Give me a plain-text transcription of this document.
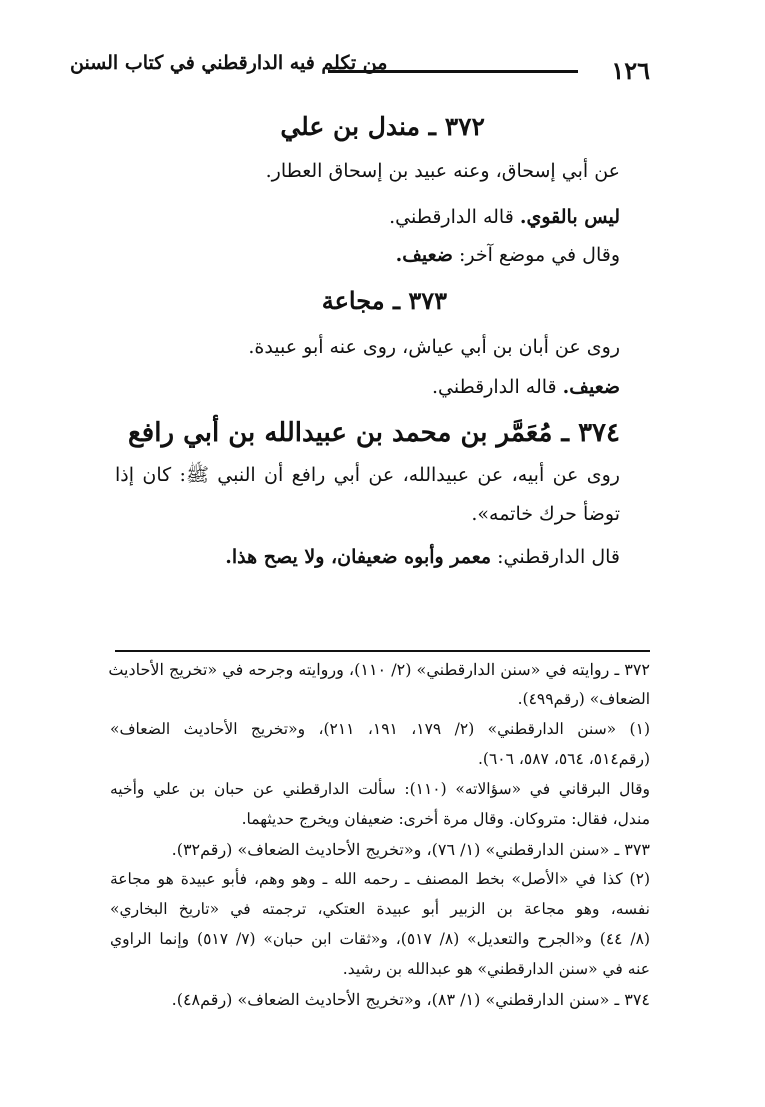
١٢٦
من تكلم فيه الدارقطني في كتاب السنن
٣٧٢ ـ مندل بن علي
عن أبي إسحاق، وعنه عبيد بن إسحاق العطار.
ليس بالقوي. قاله الدارقطني.
وقال في موضع آخر: ضعيف.
٣٧٣ ـ مجاعة
روى عن أبان بن أبي عياش، روى عنه أبو عبيدة.
ضعيف. قاله الدارقطني.
٣٧٤ ـ مُعَمَّر بن محمد بن عبيدالله بن أبي رافع
روى عن أبيه، عن عبيدالله، عن أبي رافع أن النبي ﷺ: كان إذا
توضأ حرك خاتمه».
قال الدارقطني: معمر وأبوه ضعيفان، ولا يصح هذا.
٣٧٢ ـ روايته في «سنن الدارقطني» (٢/ ١١٠)، وروايته وجرحه في «تخريج الأحاديث
الضعاف» (رقم٤٩٩).
(١) «سنن الدارقطني» (٢/ ١٧٩، ١٩١، ٢١١)، و«تخريج الأحاديث الضعاف»
(رقم٥١٤، ٥٦٤، ٥٨٧، ٦٠٦).
وقال البرقاني في «سؤالاته» (١١٠): سألت الدارقطني عن حبان بن علي وأخيه
مندل، فقال: متروكان. وقال مرة أخرى: ضعيفان ويخرج حديثهما.
٣٧٣ ـ «سنن الدارقطني» (١/ ٧٦)، و«تخريج الأحاديث الضعاف» (رقم٣٢).
(٢) كذا في «الأصل» بخط المصنف ـ رحمه الله ـ وهو وهم، فأبو عبيدة هو مجاعة
نفسه، وهو مجاعة بن الزبير أبو عبيدة العتكي، ترجمته في «تاريخ البخاري»
(٨/ ٤٤) و«الجرح والتعديل» (٨/ ٥١٧)، و«ثقات ابن حبان» (٧/ ٥١٧) وإنما الراوي
عنه في «سنن الدارقطني» هو عبدالله بن رشيد.
٣٧٤ ـ «سنن الدارقطني» (١/ ٨٣)، و«تخريج الأحاديث الضعاف» (رقم٤٨).
